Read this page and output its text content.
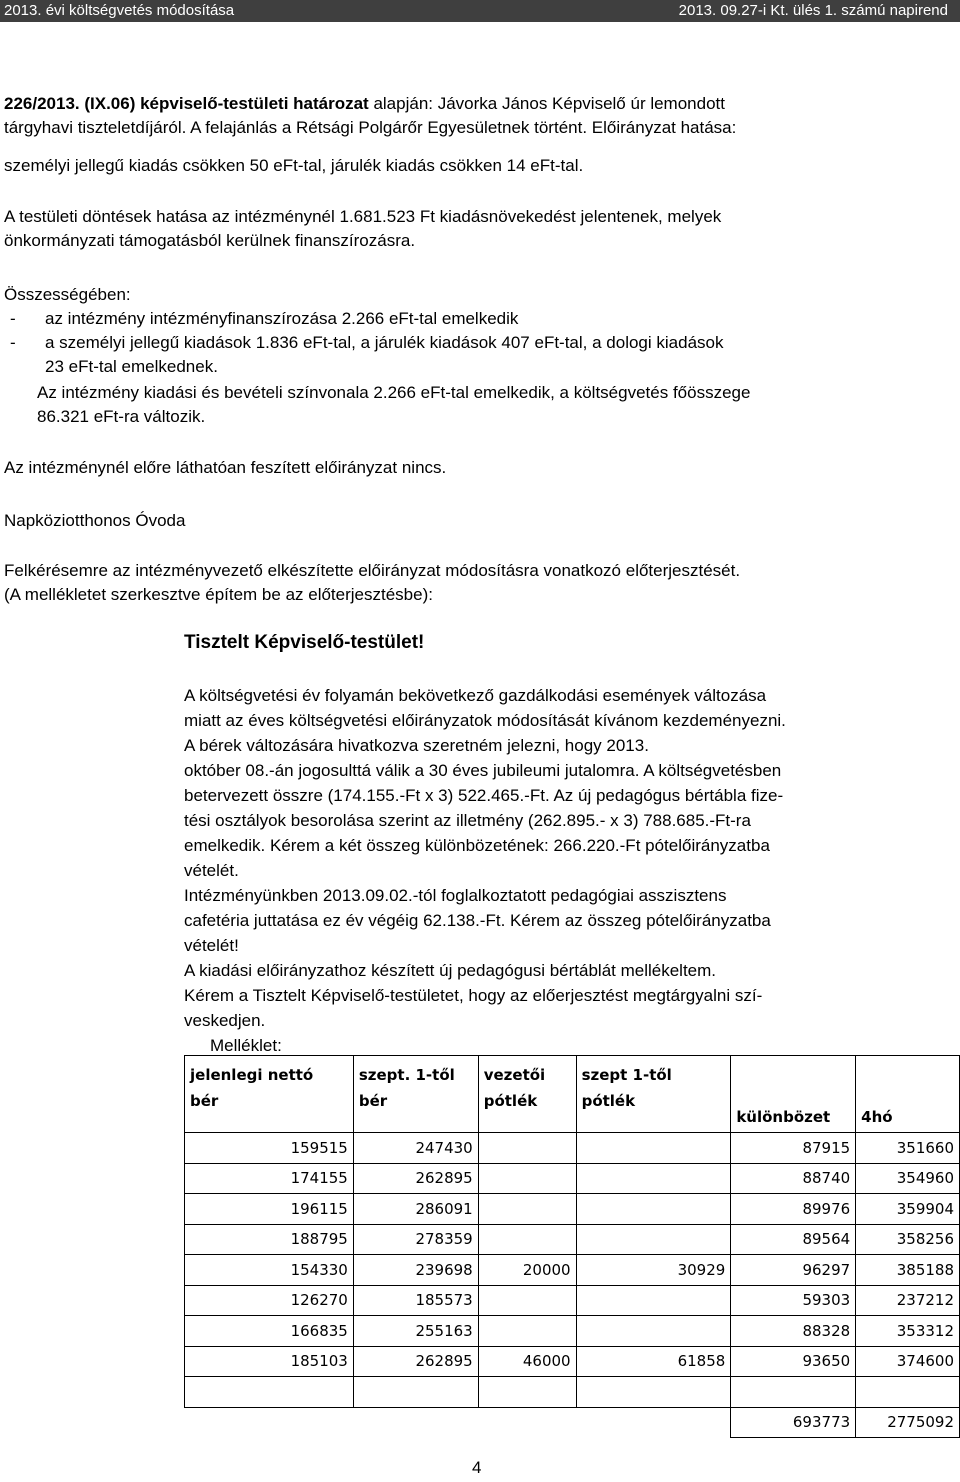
2013. évi költségvetés módosítása	2013. 09.27-i Kt. ülés 1. számú napirend
226/2013. (IX.06) képviselő-testületi határozat alapján: Jávorka János Képviselő úr lemondott
tárgyhavi tiszteletdíjáról. A felajánlás a Rétsági Polgárőr Egyesületnek történt. Előirányzat hatása:
személyi jellegű kiadás csökken 50 eFt-tal, járulék kiadás csökken 14 eFt-tal.
A testületi döntések hatása az intézménynél 1.681.523 Ft kiadásnövekedést jelentenek, melyek
önkormányzati támogatásból kerülnek finanszírozásra.
Összességében:
- az intézmény intézményfinanszírozása 2.266 eFt-tal emelkedik
- a személyi jellegű kiadások 1.836 eFt-tal, a járulék kiadások 407 eFt-tal, a dologi kiadások
23 eFt-tal emelkednek.
Az intézmény kiadási és bevételi színvonala 2.266 eFt-tal emelkedik, a költségvetés főösszege
86.321 eFt-ra változik.
Az intézménynél előre láthatóan feszített előirányzat nincs.
Napköziotthonos Óvoda
Felkérésemre az intézményvezető elkészítette előirányzat módosításra vonatkozó előterjesztését.
(A mellékletet szerkesztve építem be az előterjesztésbe):
Tisztelt Képviselő-testület!
A költségvetési év folyamán bekövetkező gazdálkodási események változása
miatt az éves költségvetési előirányzatok módosítását kívánom kezdeményezni.
A bérek változására hivatkozva szeretném jelezni, hogy 2013.
október 08.-án jogosulttá válik a 30 éves jubileumi jutalomra. A költségvetésben
betervezett összre (174.155.-Ft x 3) 522.465.-Ft. Az új pedagógus bértábla fize-
tési osztályok besorolása szerint az illetmény (262.895.- x 3) 788.685.-Ft-ra
emelkedik. Kérem a két összeg különbözetének: 266.220.-Ft pótelőirányzatba
vételét.
Intézményünkben 2013.09.02.-tól foglalkoztatott pedagógiai asszisztens
cafetéria juttatása ez év végéig 62.138.-Ft. Kérem az összeg pótelőirányzatba
vételét!
A kiadási előirányzathoz készített új pedagógusi bértáblát mellékeltem.
Kérem a Tisztelt Képviselő-testületet, hogy az előerjesztést megtárgyalni szí-
veskedjen.
Melléklet:
jelenlegi nettó bér	szept. 1-től bér	vezetői pótlék	szept 1-től pótlék	különbözet	4hó
159515	247430			87915	351660
174155	262895			88740	354960
196115	286091			89976	359904
188795	278359			89564	358256
154330	239698	20000	30929	96297	385188
126270	185573			59303	237212
166835	255163			88328	353312
185103	262895	46000	61858	93650	374600

				693773	2775092
4
